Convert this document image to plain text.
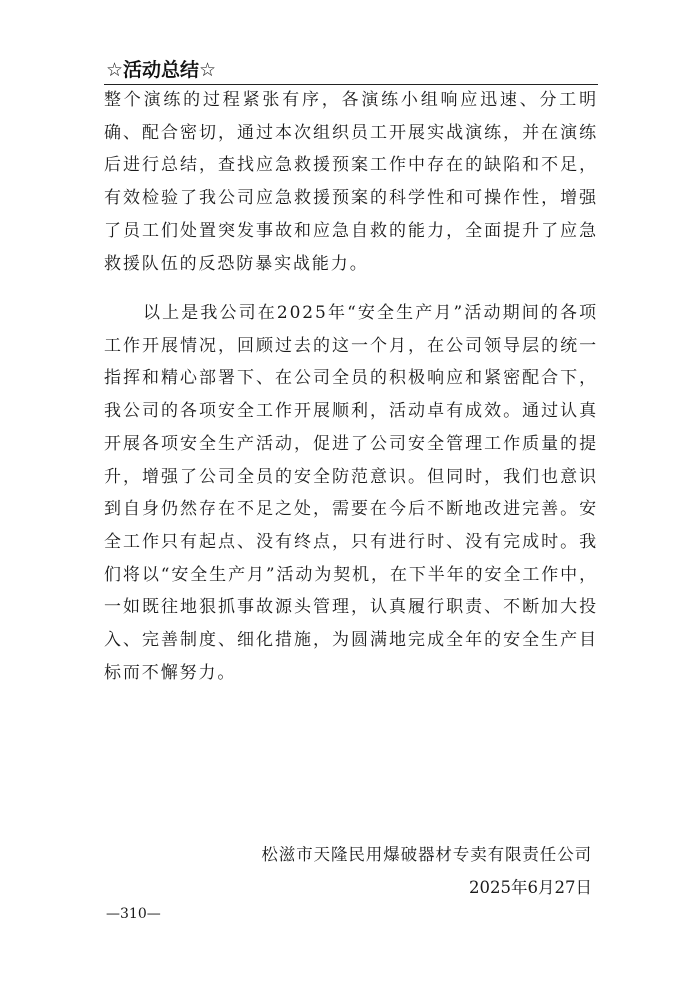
☆活动总结☆

整个演练的过程紧张有序，各演练小组响应迅速、分工明确、配合密切，通过本次组织员工开展实战演练，并在演练后进行总结，查找应急救援预案工作中存在的缺陷和不足，有效检验了我公司应急救援预案的科学性和可操作性，增强了员工们处置突发事故和应急自救的能力，全面提升了应急救援队伍的反恐防暴实战能力。

以上是我公司在2025年“安全生产月”活动期间的各项工作开展情况，回顾过去的这一个月，在公司领导层的统一指挥和精心部署下、在公司全员的积极响应和紧密配合下，我公司的各项安全工作开展顺利，活动卓有成效。通过认真开展各项安全生产活动，促进了公司安全管理工作质量的提升，增强了公司全员的安全防范意识。但同时，我们也意识到自身仍然存在不足之处，需要在今后不断地改进完善。安全工作只有起点、没有终点，只有进行时、没有完成时。我们将以“安全生产月”活动为契机，在下半年的安全工作中，一如既往地狠抓事故源头管理，认真履行职责、不断加大投入、完善制度、细化措施，为圆满地完成全年的安全生产目标而不懈努力。

松滋市天隆民用爆破器材专卖有限责任公司
2025年6月27日
—310—
